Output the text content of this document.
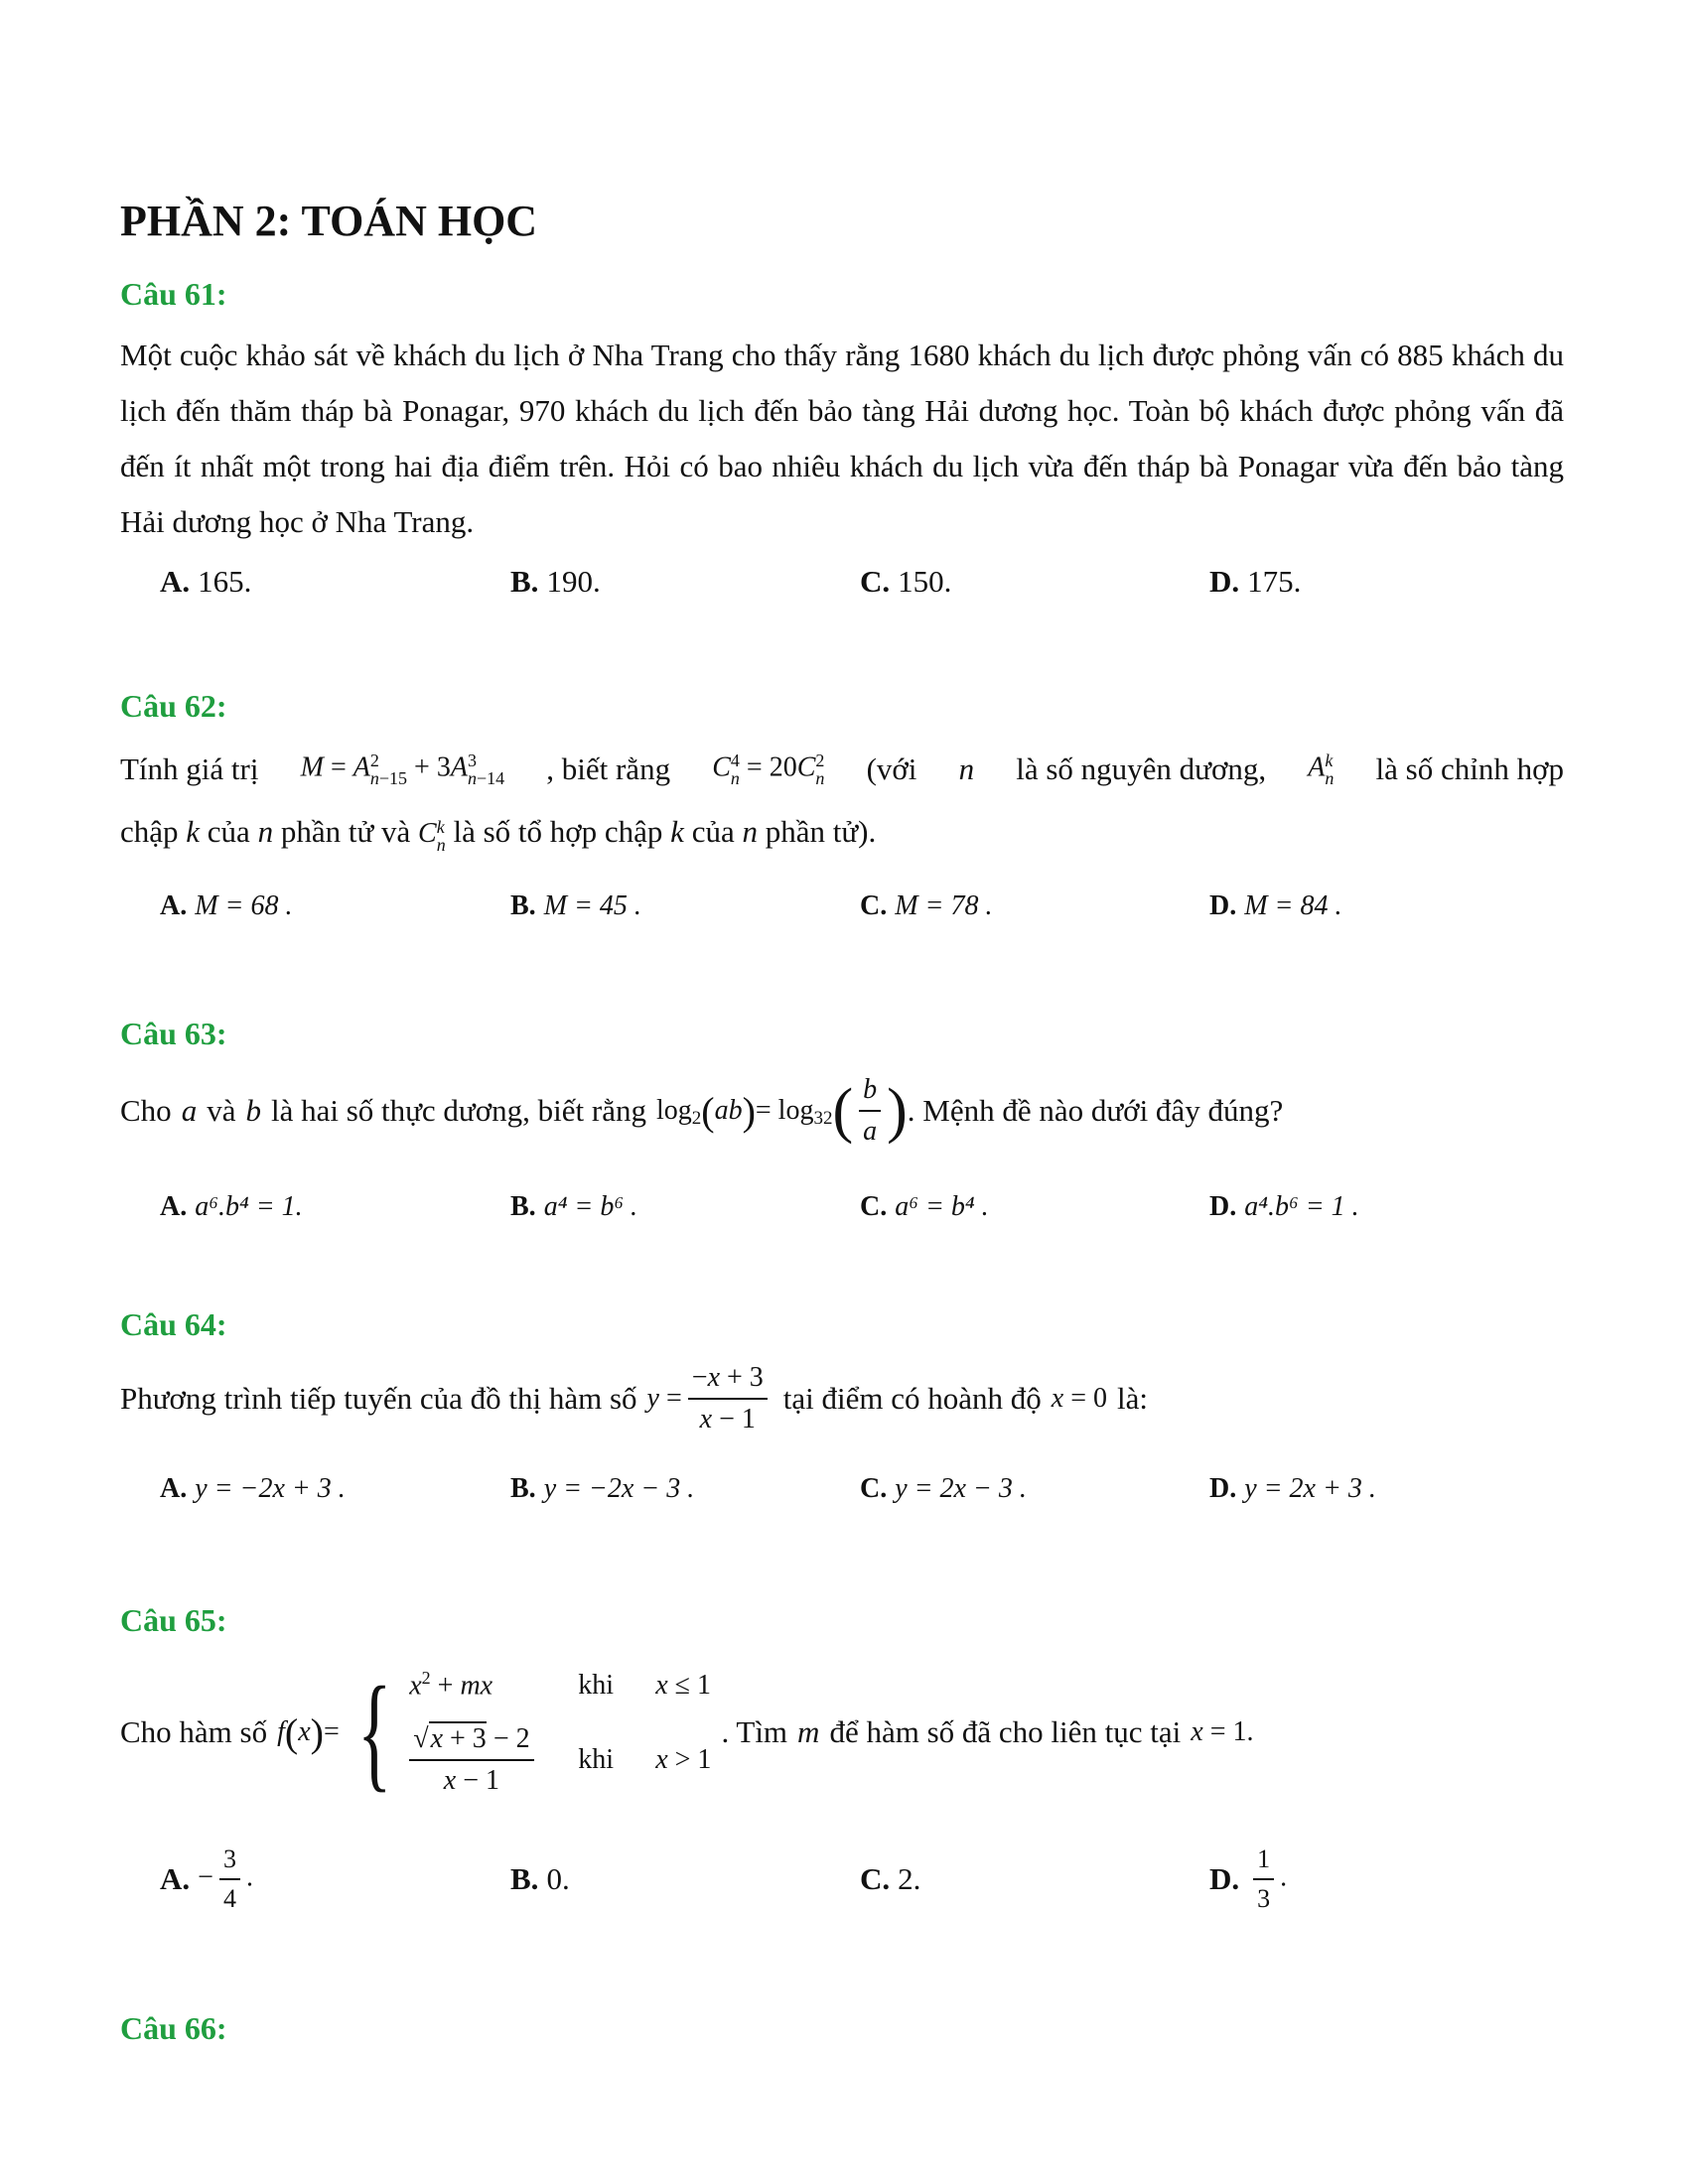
PHẦN 2: TOÁN HỌC
Câu 61:
Một cuộc khảo sát về khách du lịch ở Nha Trang cho thấy rằng 1680 khách du lịch được phỏng vấn có 885 khách du lịch đến thăm tháp bà Ponagar, 970 khách du lịch đến bảo tàng Hải dương học. Toàn bộ khách được phỏng vấn đã đến ít nhất một trong hai địa điểm trên. Hỏi có bao nhiêu khách du lịch vừa đến tháp bà Ponagar vừa đến bảo tàng Hải dương học ở Nha Trang.
A. 165.	B. 190.	C. 150.	D. 175.
Câu 62:
Tính giá trị M = A 2
n−15 + 3A 3
n−14 , biết rằng C 4
n = 20C 2
n (với n là số nguyên dương, A k
n là số chỉnh hợp
chập k của n phần tử và C k
n là số tổ hợp chập k của n phần tử).
A. M = 68 .	B. M = 45 .	C. M = 78 .	D. M = 84 .
Câu 63:
Cho a và b là hai số thực dương, biết rằng log 2 ( ab ) = log 32 ( $\frac{b}{a}$ ) . Mệnh đề nào dưới đây đúng?
A. a⁶.b⁴ = 1.	B. a⁴ = b⁶ .	C. a⁶ = b⁴ .	D. a⁴.b⁶ = 1 .
Câu 64:
Phương trình tiếp tuyến của đồ thị hàm số $y = \frac{-x + 3}{x - 1}$ tại điểm có hoành độ x = 0 là:
A. y = −2x + 3 .	B. y = −2x − 3 .	C. y = 2x − 3 .	D. y = 2x + 3 .
Câu 65:
Cho hàm số f ( x ) = { $x^2$ + mx	khi	x ≤ 1
$\frac{√x + 3 - 2}{x - 1}$ khi	x > 1
. Tìm m để hàm số đã cho liên tục tại x = 1.
A. − $\frac{3}{4}$ .	B. 0.	C. 2.	D. $\frac{1}{3}$ .
Câu 66:
